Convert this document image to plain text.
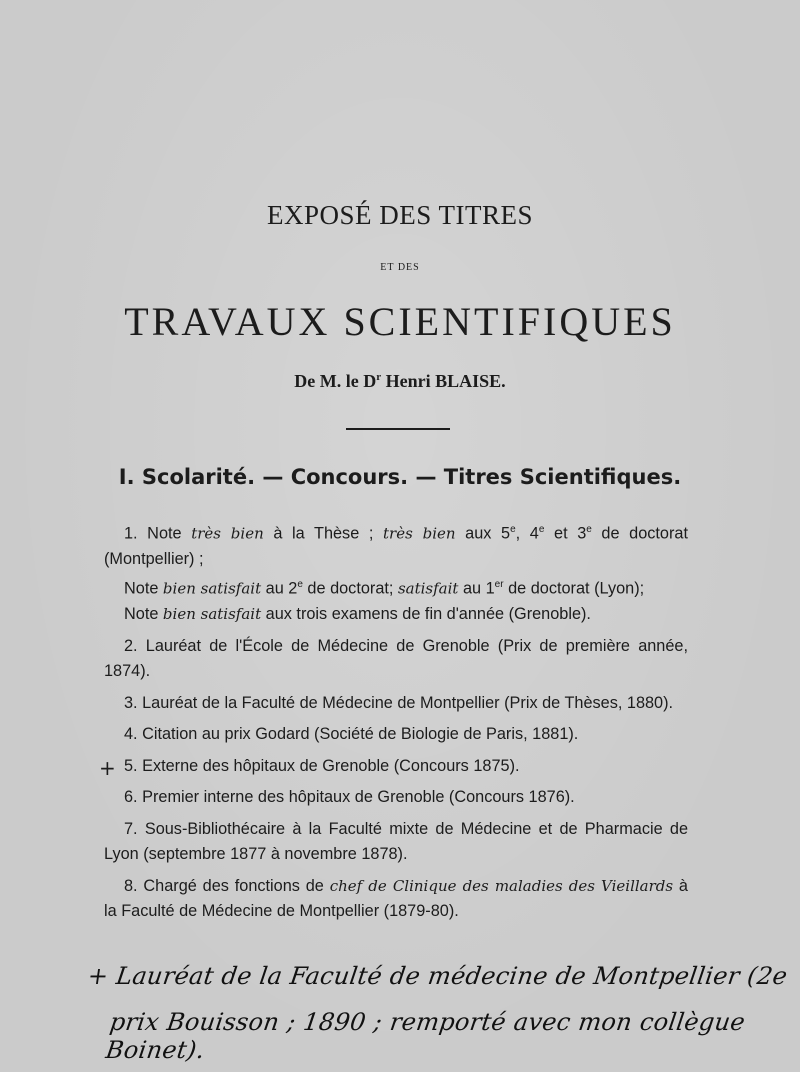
EXPOSÉ DES TITRES
ET DES
TRAVAUX SCIENTIFIQUES
De M. le $D^r$ Henri BLAISE.
I. Scolarité. — Concours. — Titres Scientifiques.

1. Note très bien à la Thèse ; très bien aux 5e, 4e et 3e de doctorat (Montpellier) ;

Note bien satisfait au 2e de doctorat; satisfait au 1er de doctorat (Lyon);

Note bien satisfait aux trois examens de fin d'année (Grenoble).

2. Lauréat de l'École de Médecine de Grenoble (Prix de première année, 1874).

3. Lauréat de la Faculté de Médecine de Montpellier (Prix de Thèses, 1880).

4. Citation au prix Godard (Société de Biologie de Paris, 1881).

5. Externe des hôpitaux de Grenoble (Concours 1875).

6. Premier interne des hôpitaux de Grenoble (Concours 1876).

7. Sous-Bibliothécaire à la Faculté mixte de Médecine et de Pharmacie de Lyon (septembre 1877 à novembre 1878).

8. Chargé des fonctions de chef de Clinique des maladies des Vieillards à la Faculté de Médecine de Montpellier (1879-80).

+
+ Lauréat de la Faculté de médecine de Montpellier (2e
prix Bouisson ; 1890 ; remporté avec mon collègue Boinet).
